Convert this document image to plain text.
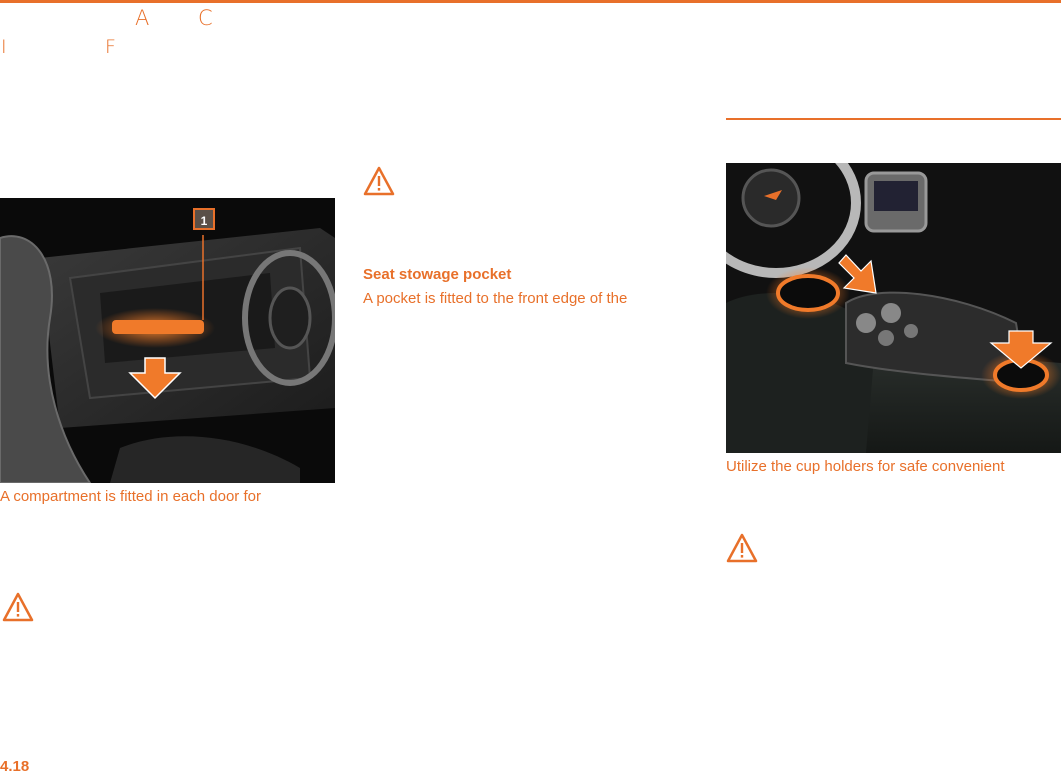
A C
I	F
1
A compartment is fitted in each door for
Seat stowage pocket
A pocket is fitted to the front edge of the
Utilize the cup holders for safe convenient
4.18
